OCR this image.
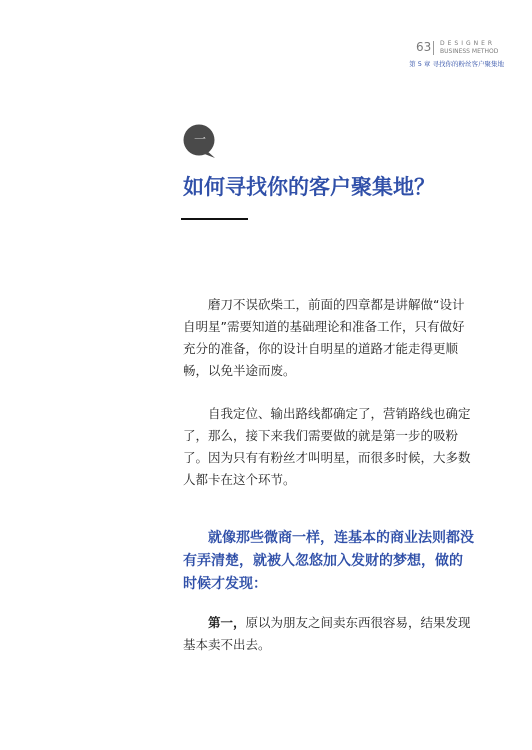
63 DESIGNER
BUSINESS METHOD
第 5 章 寻找你的粉丝客户聚集地
一
如何寻找你的客户聚集地？
磨刀不误砍柴工，前面的四章都是讲解做“设计自明星”需要知道的基础理论和准备工作，只有做好充分的准备，你的设计自明星的道路才能走得更顺畅，以免半途而废。
自我定位、输出路线都确定了，营销路线也确定了，那么，接下来我们需要做的就是第一步的吸粉了。因为只有有粉丝才叫明星，而很多时候，大多数人都卡在这个环节。
就像那些微商一样，连基本的商业法则都没有弄清楚，就被人忽悠加入发财的梦想，做的时候才发现：
第一，原以为朋友之间卖东西很容易，结果发现基本卖不出去。
